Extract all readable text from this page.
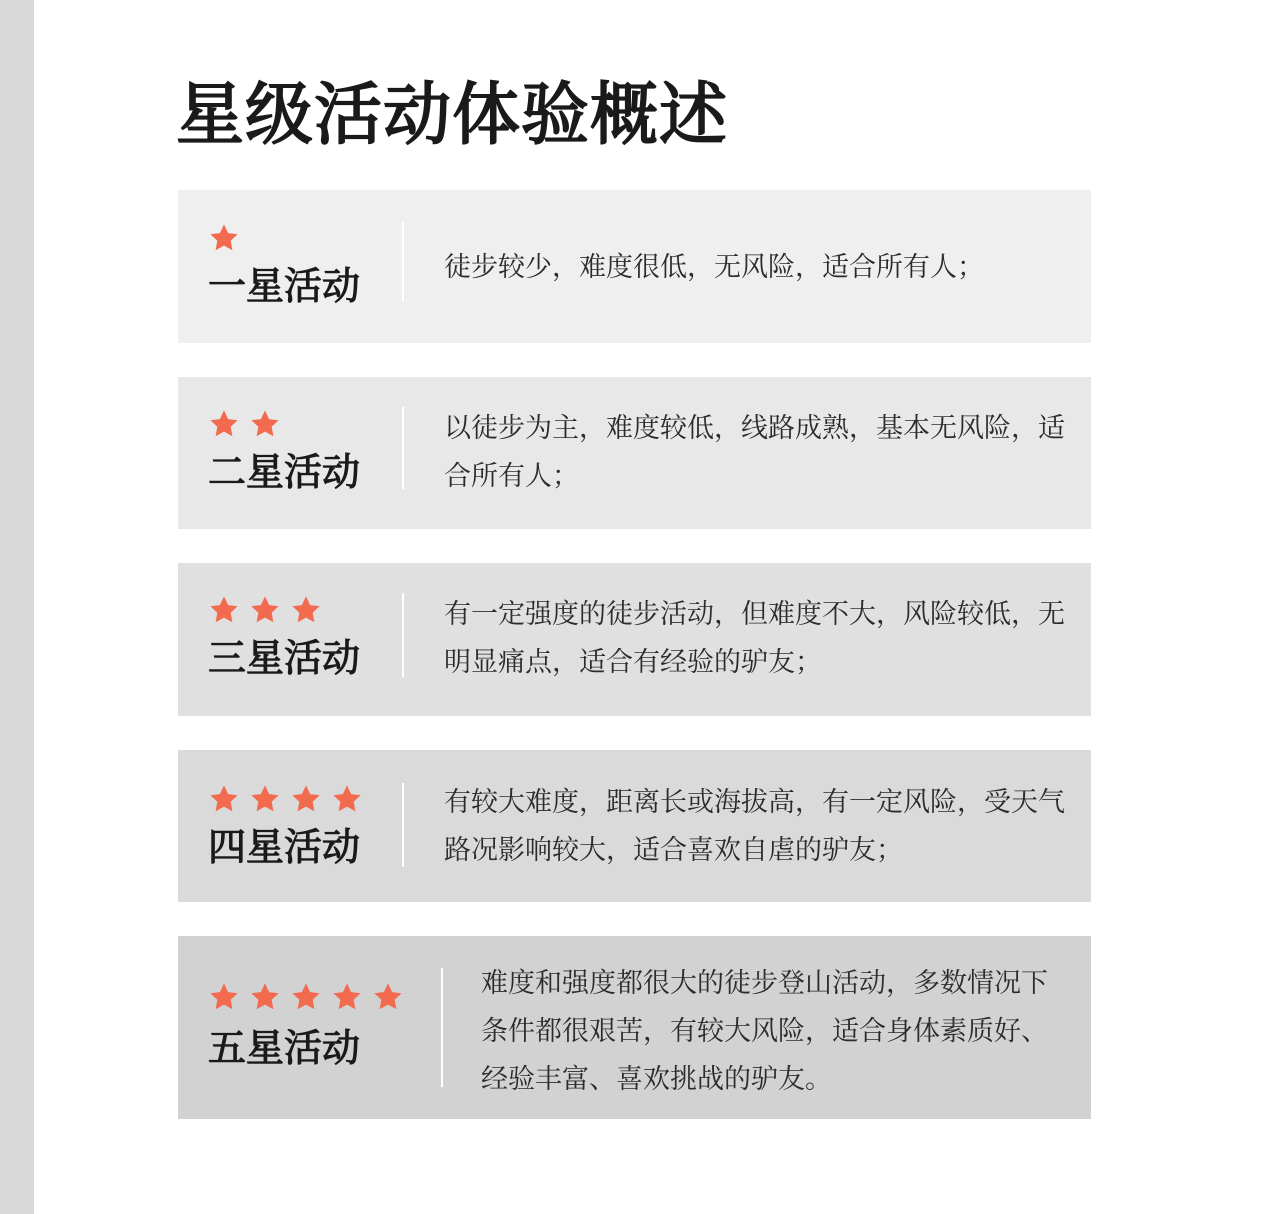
星级活动体验概述
一星活动	徒步较少，难度很低，无风险，适合所有人；

二星活动

以徒步为主，难度较低，线路成熟，基本无风险，适合所有人；

三星活动

有一定强度的徒步活动，但难度不大，风险较低，无明显痛点，适合有经验的驴友；

四星活动

有较大难度，距离长或海拔高，有一定风险，受天气路况影响较大，适合喜欢自虐的驴友；

五星活动

难度和强度都很大的徒步登山活动，多数情况下条件都很艰苦，有较大风险，适合身体素质好、经验丰富、喜欢挑战的驴友。
